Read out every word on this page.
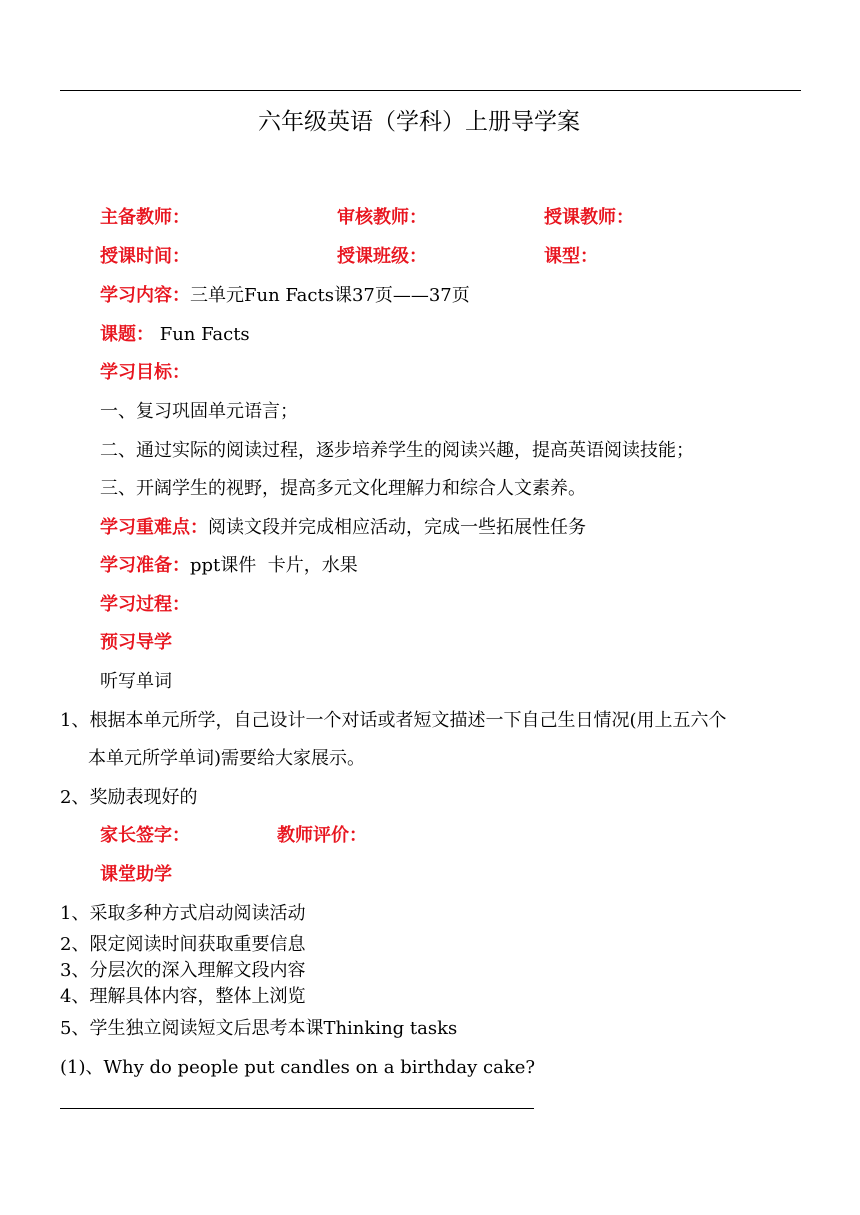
六年级英语（学科）上册导学案
主备教师：	审核教师：	授课教师：
授课时间：	授课班级：	课型：
学习内容：三单元Fun Facts课37页——37页
课题： Fun Facts
学习目标：
一、复习巩固单元语言；
二、通过实际的阅读过程，逐步培养学生的阅读兴趣，提高英语阅读技能；
三、开阔学生的视野，提高多元文化理解力和综合人文素养。
学习重难点：阅读文段并完成相应活动，完成一些拓展性任务
学习准备：ppt课件  卡片，水果
学习过程：
预习导学
听写单词
1、根据本单元所学，自己设计一个对话或者短文描述一下自己生日情况(用上五六个
本单元所学单词)需要给大家展示。
2、奖励表现好的
家长签字：	教师评价：
课堂助学
1、采取多种方式启动阅读活动
2、限定阅读时间获取重要信息
3、分层次的深入理解文段内容
4、理解具体内容，整体上浏览
5、学生独立阅读短文后思考本课Thinking tasks
(1)、Why do people put candles on a birthday cake?
